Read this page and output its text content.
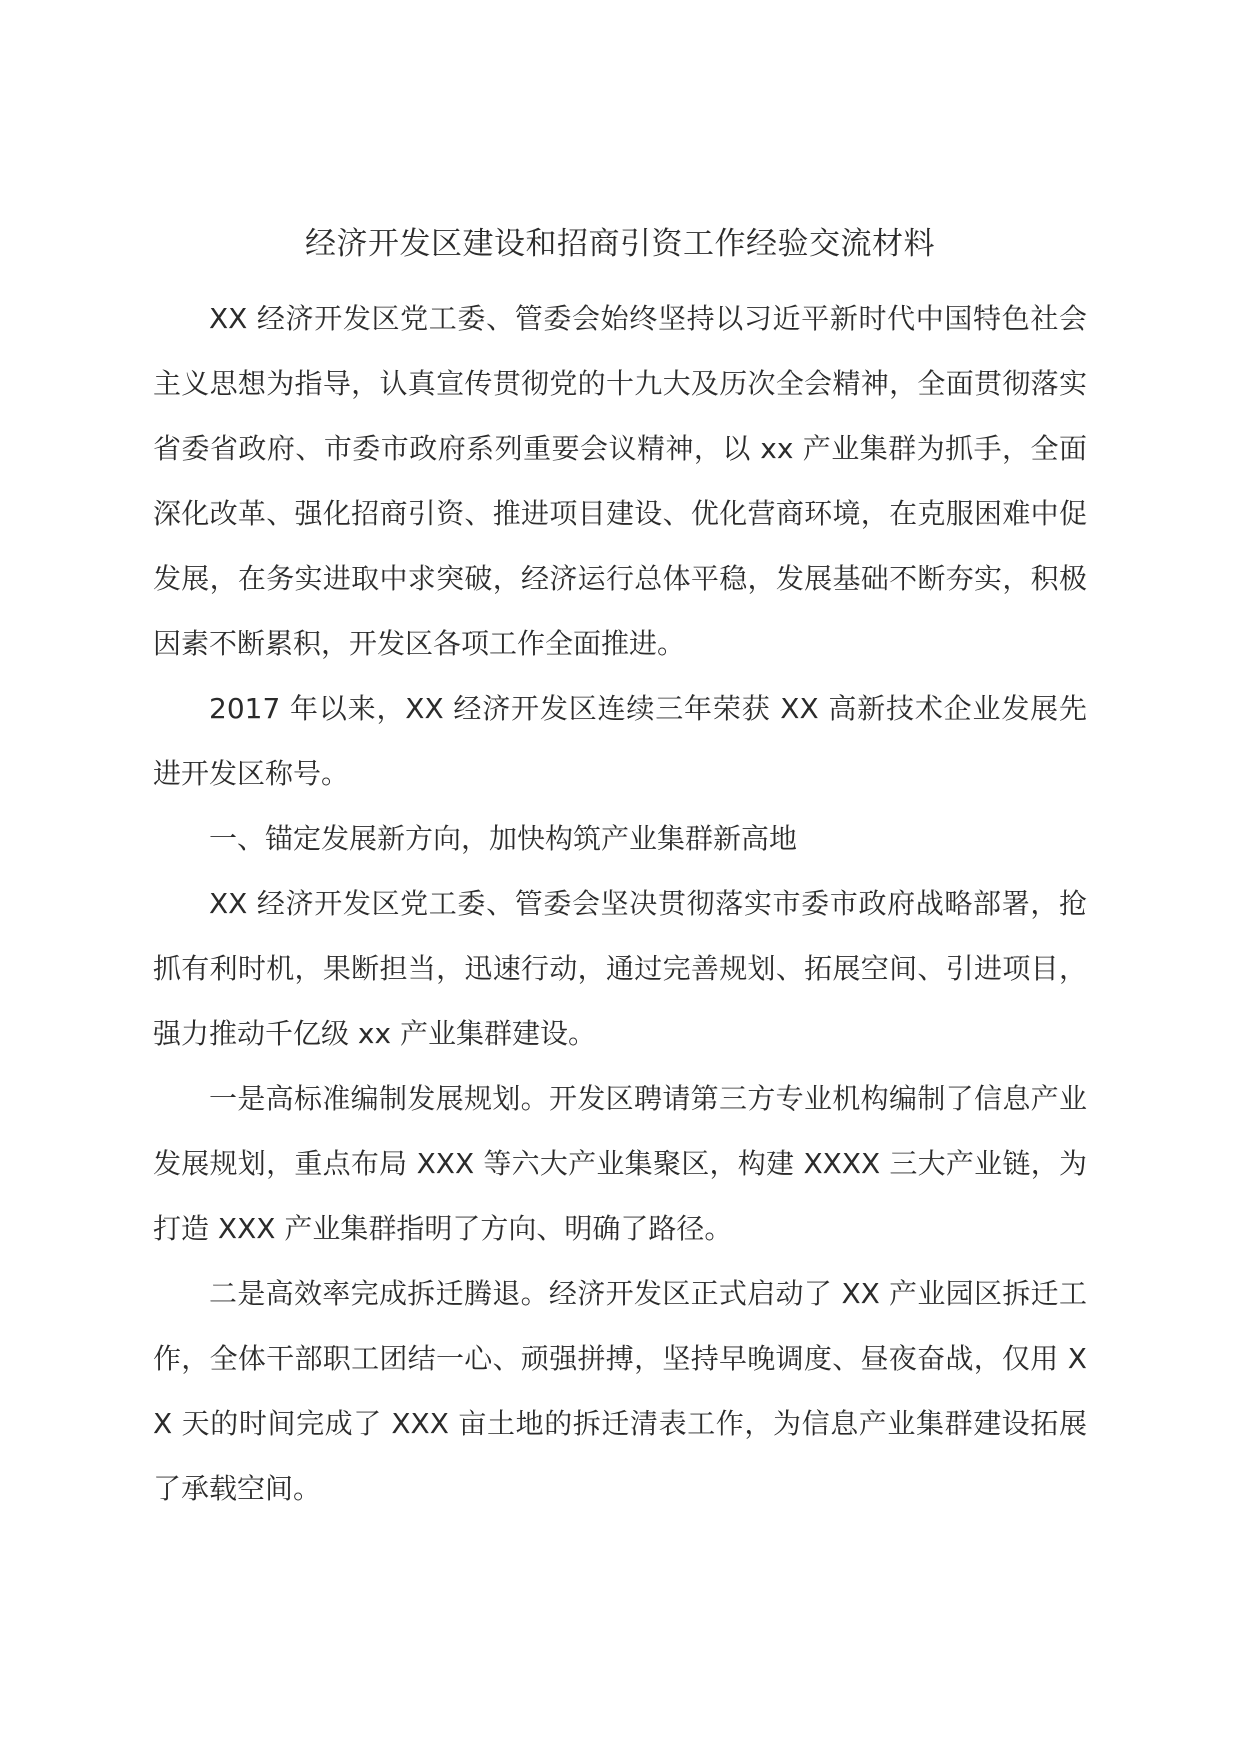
经济开发区建设和招商引资工作经验交流材料

XX 经济开发区党工委、管委会始终坚持以习近平新时代中国特色社会主义思想为指导，认真宣传贯彻党的十九大及历次全会精神，全面贯彻落实省委省政府、市委市政府系列重要会议精神，以 xx 产业集群为抓手，全面深化改革、强化招商引资、推进项目建设、优化营商环境，在克服困难中促发展，在务实进取中求突破，经济运行总体平稳，发展基础不断夯实，积极因素不断累积，开发区各项工作全面推进。

2017 年以来，XX 经济开发区连续三年荣获 XX 高新技术企业发展先进开发区称号。

一、锚定发展新方向，加快构筑产业集群新高地

XX 经济开发区党工委、管委会坚决贯彻落实市委市政府战略部署，抢抓有利时机，果断担当，迅速行动，通过完善规划、拓展空间、引进项目，强力推动千亿级 xx 产业集群建设。

一是高标准编制发展规划。开发区聘请第三方专业机构编制了信息产业发展规划，重点布局 XXX 等六大产业集聚区，构建 XXXX 三大产业链，为打造 XXX 产业集群指明了方向、明确了路径。

二是高效率完成拆迁腾退。经济开发区正式启动了 XX 产业园区拆迁工作，全体干部职工团结一心、顽强拼搏，坚持早晚调度、昼夜奋战，仅用 XX 天的时间完成了 XXX 亩土地的拆迁清表工作，为信息产业集群建设拓展了承载空间。
